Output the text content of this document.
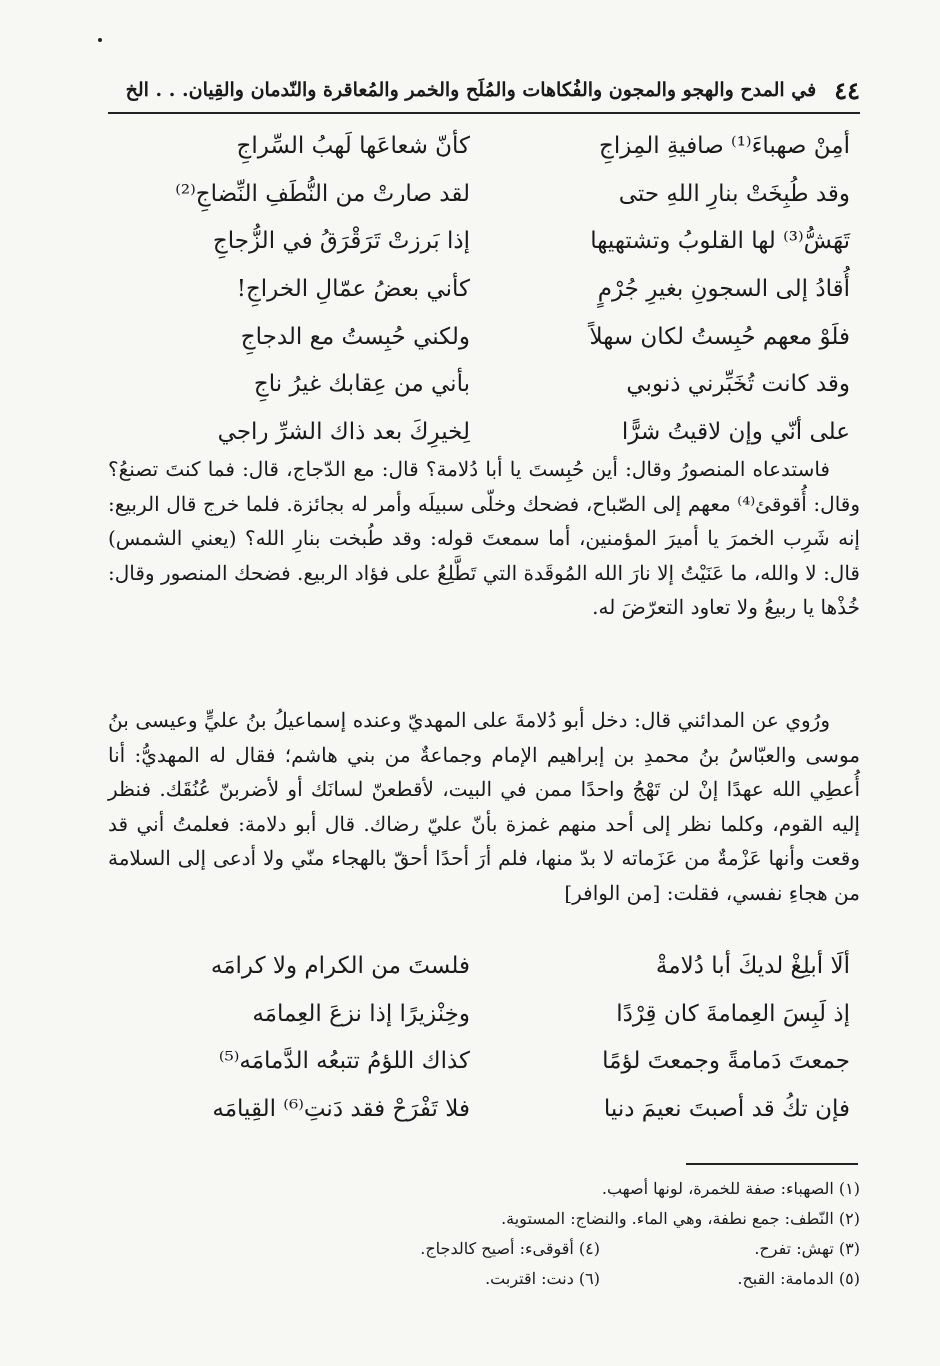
٤٤
في المدح والهجو والمجون والفُكاهات والمُلَح والخمر والمُعاقرة والنّدمان والقِيان. . . الخ
أمِنْ صهباءَ⁽¹⁾ صافيةِ المِزاجِ
كأنّ شعاعَها لَهبُ السِّراجِ
وقد طُبِخَتْ بنارِ اللهِ حتى
لقد صارتْ من النُّطَفِ النِّضاجِ⁽²⁾
تَهَشُّ⁽³⁾ لها القلوبُ وتشتهيها
إذا بَرزتْ تَرَقْرَقُ في الزُّجاجِ
أُقادُ إلى السجونِ بغيرِ جُرْمٍ
كأني بعضُ عمّالِ الخراجِ!
فلَوْ معهم حُبِستُ لكان سهلاً
ولكني حُبِستُ مع الدجاجِ
وقد كانت تُخَبِّرني ذنوبي
بأني من عِقابك غيرُ ناجِ
على أنّي وإن لاقيتُ شرًّا
لِخيرِكَ بعد ذاك الشرِّ راجي

فاستدعاه المنصورُ وقال: أين حُبِستَ يا أبا دُلامة؟ قال: مع الدّجاج، قال: فما كنتَ تصنعُ؟ وقال: أُقوقئ⁽⁴⁾ معهم إلى الصّباح، فضحك وخلّى سبيلَه وأمر له بجائزة. فلما خرج قال الربيع: إنه شَرِب الخمرَ يا أميرَ المؤمنين، أما سمعتَ قوله: وقد طُبخت بنارِ الله؟ (يعني الشمس) قال: لا والله، ما عَنَيْتُ إلا نارَ الله المُوقَدة التي تَطَّلِعُ على فؤاد الربيع. فضحك المنصور وقال: خُذْها يا ربيعُ ولا تعاود التعرّضَ له.

ورُوي عن المدائني قال: دخل أبو دُلامةَ على المهديّ وعنده إسماعيلُ بنُ عليٍّ وعيسى بنُ موسى والعبّاسُ بنُ محمدِ بن إبراهيم الإمام وجماعةٌ من بني هاشم؛ فقال له المهديُّ: أنا أُعطِي الله عهدًا إنْ لن تَهْجُ واحدًا ممن في البيت، لأقطعنّ لسانَك أو لأضربنّ عُنُقَك. فنظر إليه القوم، وكلما نظر إلى أحد منهم غمزة بأنّ عليّ رضاك. قال أبو دلامة: فعلمتُ أني قد وقعت وأنها عَزْمةٌ من عَزَماته لا بدّ منها، فلم أرَ أحدًا أحقّ بالهجاء منّي ولا أدعى إلى السلامة من هجاءِ نفسي، فقلت: [من الوافر]

ألَا أبلِغْ لديكَ أبا دُلامةْ
فلستَ من الكرام ولا كرامَه
إذ لَبِسَ العِمامةَ كان قِرْدًا
وخِنْزيرًا إذا نزعَ العِمامَه
جمعتَ دَمامةً وجمعتَ لؤمًا
كذاك اللؤمُ تتبعُه الدَّمامَه⁽⁵⁾
فإن تكُ قد أصبتَ نعيمَ دنيا
فلا تَفْرَحْ فقد دَنتِ⁽⁶⁾ القِيامَه
(١) الصهباء: صفة للخمرة، لونها أصهب.
(٢) النّطف: جمع نطفة، وهي الماء. والنضاج: المستوية.
(٣) تهش: تفرح.
(٤) أقوقىء: أصيح كالدجاج.
(٥) الدمامة: القبح.
(٦) دنت: اقتربت.
